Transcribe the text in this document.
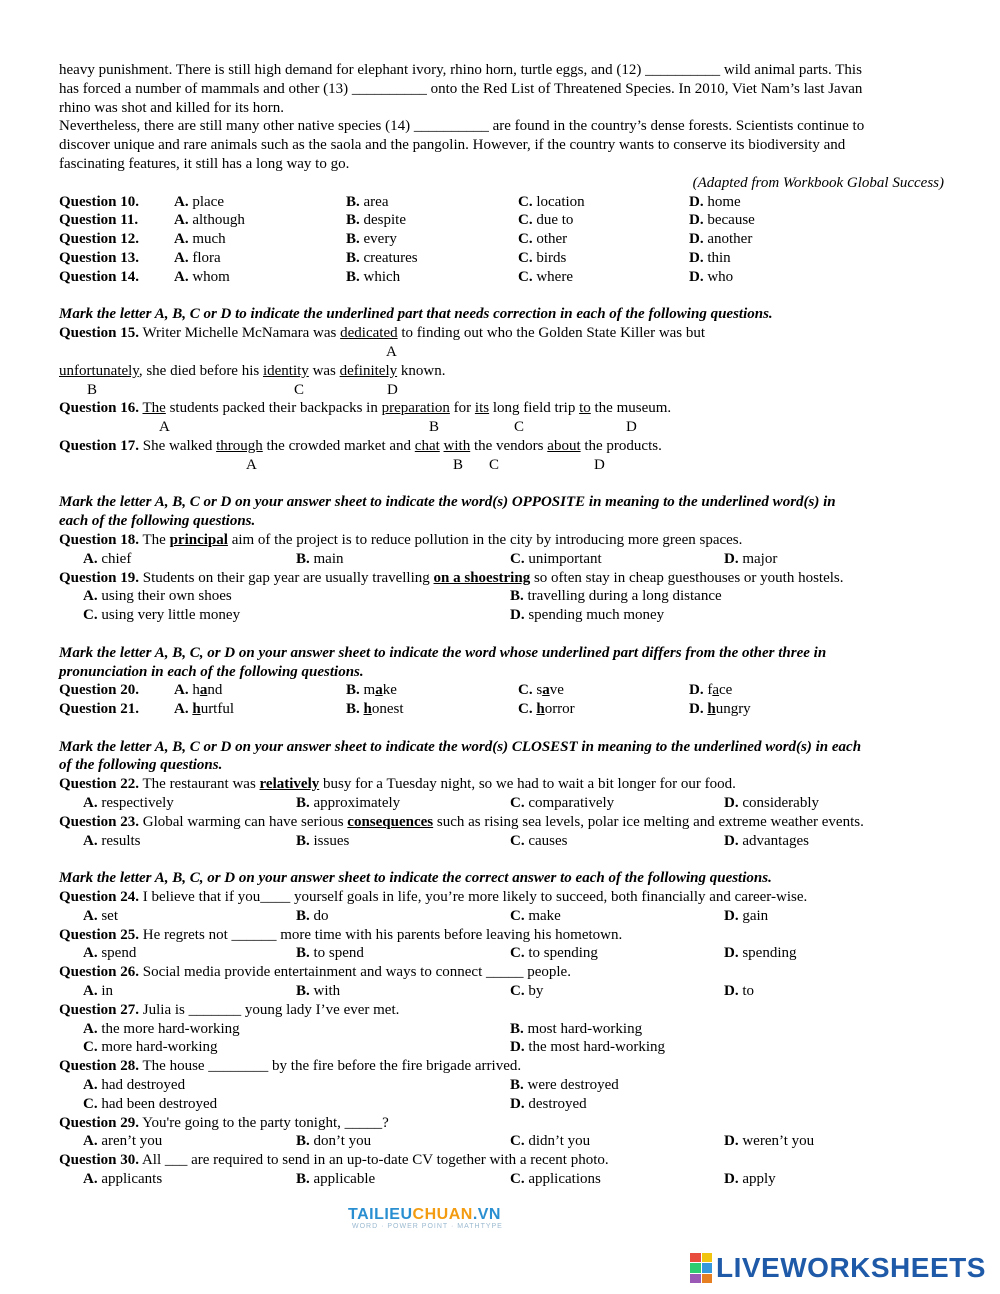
heavy punishment. There is still high demand for elephant ivory, rhino horn, turtle eggs, and (12) __________ wild animal parts. This
has forced a number of mammals and other (13) __________ onto the Red List of Threatened Species. In 2010, Viet Nam’s last Javan
rhino was shot and killed for its horn.
Nevertheless, there are still many other native species (14) __________ are found in the country’s dense forests. Scientists continue to
discover unique and rare animals such as the saola and the pangolin. However, if the country wants to conserve its biodiversity and
fascinating features, it still has a long way to go.
(Adapted from Workbook Global Success)
Question 10. A. place	B. area	C. location	D. home
Question 11. A. although	B. despite	C. due to	D. because
Question 12. A. much	B. every	C. other	D. another
Question 13. A. flora	B. creatures	C. birds	D. thin
Question 14. A. whom	B. which	C. where	D. who
Mark the letter A, B, C or D to indicate the underlined part that needs correction in each of the following questions.
Question 15. Writer Michelle McNamara was dedicated to finding out who the Golden State Killer was but
A
unfortunately, she died before his identity was definitely known.
B	C	D
Question 16. The students packed their backpacks in preparation for its long field trip to the museum.
A	B	C	D
Question 17. She walked through the crowded market and chat with the vendors about the products.
A	B C	D
Mark the letter A, B, C or D on your answer sheet to indicate the word(s) OPPOSITE in meaning to the underlined word(s) in
each of the following questions.
Question 18. The principal aim of the project is to reduce pollution in the city by introducing more green spaces.
A. chief	B. main	C. unimportant	D. major
Question 19. Students on their gap year are usually travelling on a shoestring so often stay in cheap guesthouses or youth hostels.
A. using their own shoes	B. travelling during a long distance
C. using very little money	D. spending much money
Mark the letter A, B, C, or D on your answer sheet to indicate the word whose underlined part differs from the other three in
pronunciation in each of the following questions.
Question 20. A. hand	B. make	C. save	D. face
Question 21. A. hurtful	B. honest	C. horror	D. hungry
Mark the letter A, B, C or D on your answer sheet to indicate the word(s) CLOSEST in meaning to the underlined word(s) in each
of the following questions.
Question 22. The restaurant was relatively busy for a Tuesday night, so we had to wait a bit longer for our food.
A. respectively	B. approximately	C. comparatively	D. considerably
Question 23. Global warming can have serious consequences such as rising sea levels, polar ice melting and extreme weather events.
A. results	B. issues	C. causes	D. advantages
Mark the letter A, B, C, or D on your answer sheet to indicate the correct answer to each of the following questions.
Question 24. I believe that if you____ yourself goals in life, you’re more likely to succeed, both financially and career-wise.
A. set	B. do	C. make	D. gain
Question 25. He regrets not ______ more time with his parents before leaving his hometown.
A. spend	B. to spend	C. to spending	D. spending
Question 26. Social media provide entertainment and ways to connect _____ people.
A. in	B. with	C. by	D. to
Question 27. Julia is _______ young lady I’ve ever met.
A. the more hard-working	B. most hard-working
C. more hard-working	D. the most hard-working
Question 28. The house ________ by the fire before the fire brigade arrived.
A. had destroyed	B. were destroyed
C. had been destroyed	D. destroyed
Question 29. You're going to the party tonight, _____?
A. aren’t you	B. don’t you	C. didn’t you	D. weren’t you
Question 30. All ___ are required to send in an up-to-date CV together with a recent photo.
A. applicants	B. applicable	C. applications	D. apply
TAILIEUCHUAN.VN
WORD · POWER POINT · MATHTYPE
LIVEWORKSHEETS
